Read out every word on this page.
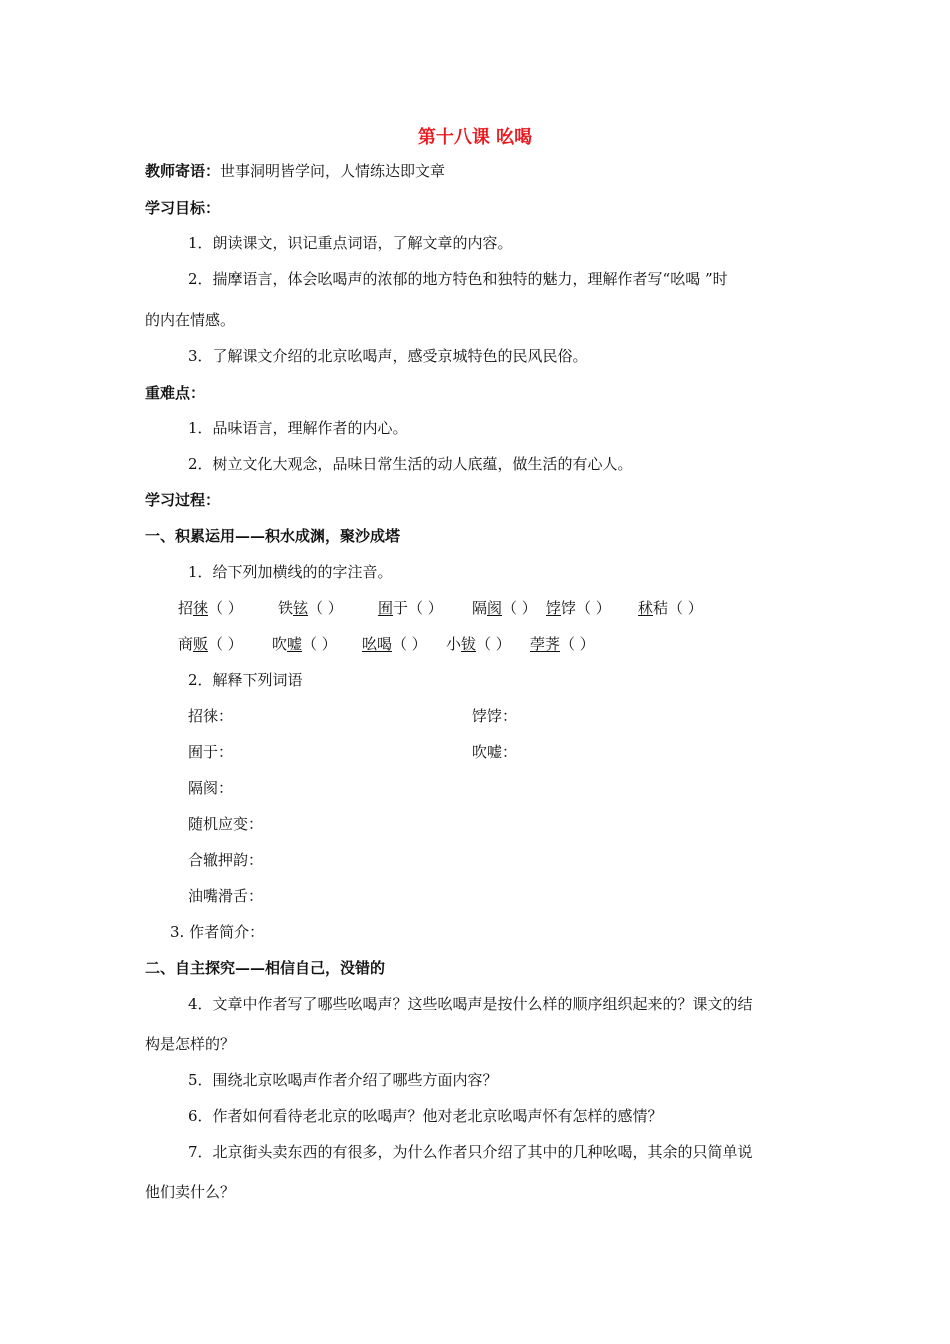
第十八课 吆喝
教师寄语：世事洞明皆学问，人情练达即文章
学习目标：
1．朗读课文，识记重点词语，了解文章的内容。
2．揣摩语言，体会吆喝声的浓郁的地方特色和独特的魅力，理解作者写“吆喝 ”时
的内在情感。
3．了解课文介绍的北京吆喝声，感受京城特色的民风民俗。
重难点：
1．品味语言，理解作者的内心。
2．树立文化大观念，品味日常生活的动人底蕴，做生活的有心人。
学习过程：
一、积累运用——积水成渊，聚沙成塔
1．给下列加横线的的字注音。
招徕（ ） 铁铉（ ） 囿于（ ） 隔阂（ ） 饽饽（ ） 秫秸（ ）
商贩（ ） 吹嘘（ ） 吆喝（ ） 小钹（ ） 荸荠（ ）
2．解释下列词语
招徕：	饽饽：
囿于：	吹嘘：
隔阂：
随机应变：
合辙押韵：
油嘴滑舌：
3. 作者简介：
二、自主探究——相信自己，没错的
4．文章中作者写了哪些吆喝声？这些吆喝声是按什么样的顺序组织起来的？课文的结
构是怎样的？
5．围绕北京吆喝声作者介绍了哪些方面内容？
6．作者如何看待老北京的吆喝声？他对老北京吆喝声怀有怎样的感情？
7．北京街头卖东西的有很多，为什么作者只介绍了其中的几种吆喝，其余的只简单说
他们卖什么？
